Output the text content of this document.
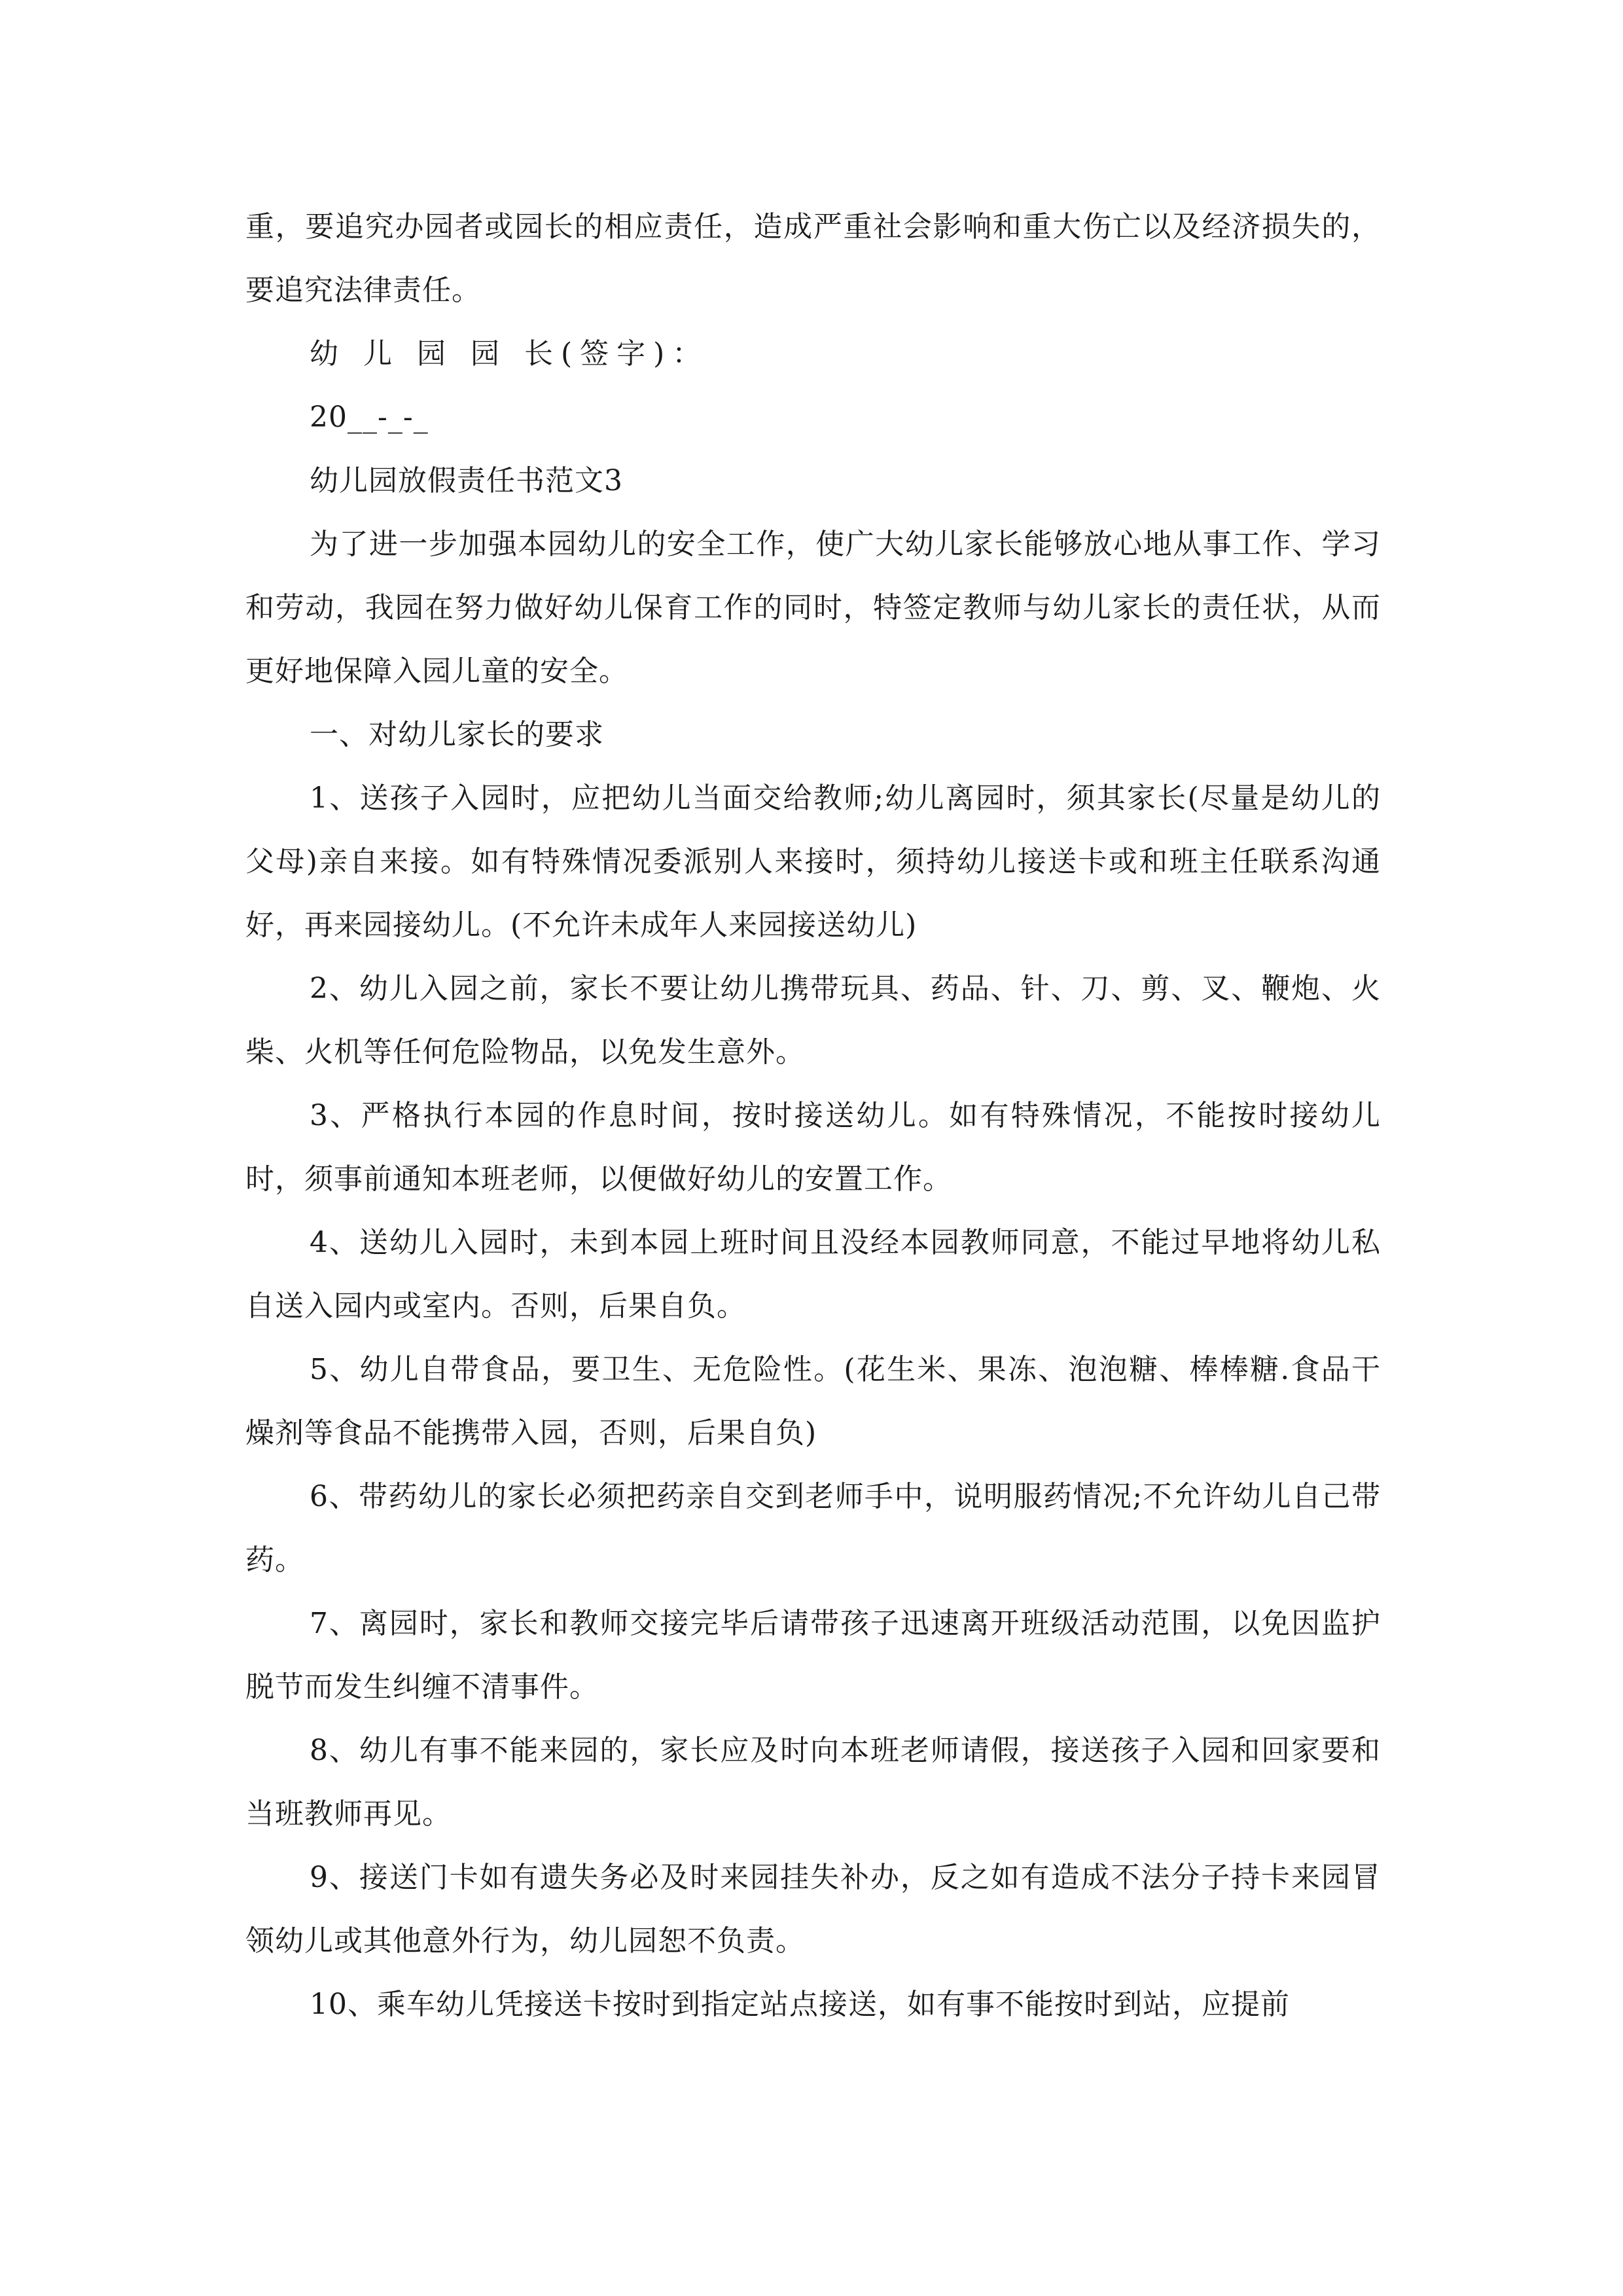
重，要追究办园者或园长的相应责任，造成严重社会影响和重大伤亡以及经济损失的，要追究法律责任。

幼 儿 园 园 长(签字)：

20__-_-_

幼儿园放假责任书范文3

为了进一步加强本园幼儿的安全工作，使广大幼儿家长能够放心地从事工作、学习和劳动，我园在努力做好幼儿保育工作的同时，特签定教师与幼儿家长的责任状，从而更好地保障入园儿童的安全。

一、对幼儿家长的要求

1、送孩子入园时，应把幼儿当面交给教师;幼儿离园时，须其家长(尽量是幼儿的父母)亲自来接。如有特殊情况委派别人来接时，须持幼儿接送卡或和班主任联系沟通好，再来园接幼儿。(不允许未成年人来园接送幼儿)

2、幼儿入园之前，家长不要让幼儿携带玩具、药品、针、刀、剪、叉、鞭炮、火柴、火机等任何危险物品，以免发生意外。

3、严格执行本园的作息时间，按时接送幼儿。如有特殊情况，不能按时接幼儿时，须事前通知本班老师，以便做好幼儿的安置工作。

4、送幼儿入园时，未到本园上班时间且没经本园教师同意，不能过早地将幼儿私自送入园内或室内。否则，后果自负。

5、幼儿自带食品，要卫生、无危险性。(花生米、果冻、泡泡糖、棒棒糖.食品干燥剂等食品不能携带入园，否则，后果自负)

6、带药幼儿的家长必须把药亲自交到老师手中，说明服药情况;不允许幼儿自己带药。

7、离园时，家长和教师交接完毕后请带孩子迅速离开班级活动范围，以免因监护脱节而发生纠缠不清事件。

8、幼儿有事不能来园的，家长应及时向本班老师请假，接送孩子入园和回家要和当班教师再见。

9、接送门卡如有遗失务必及时来园挂失补办，反之如有造成不法分子持卡来园冒领幼儿或其他意外行为，幼儿园恕不负责。

10、乘车幼儿凭接送卡按时到指定站点接送，如有事不能按时到站，应提前
